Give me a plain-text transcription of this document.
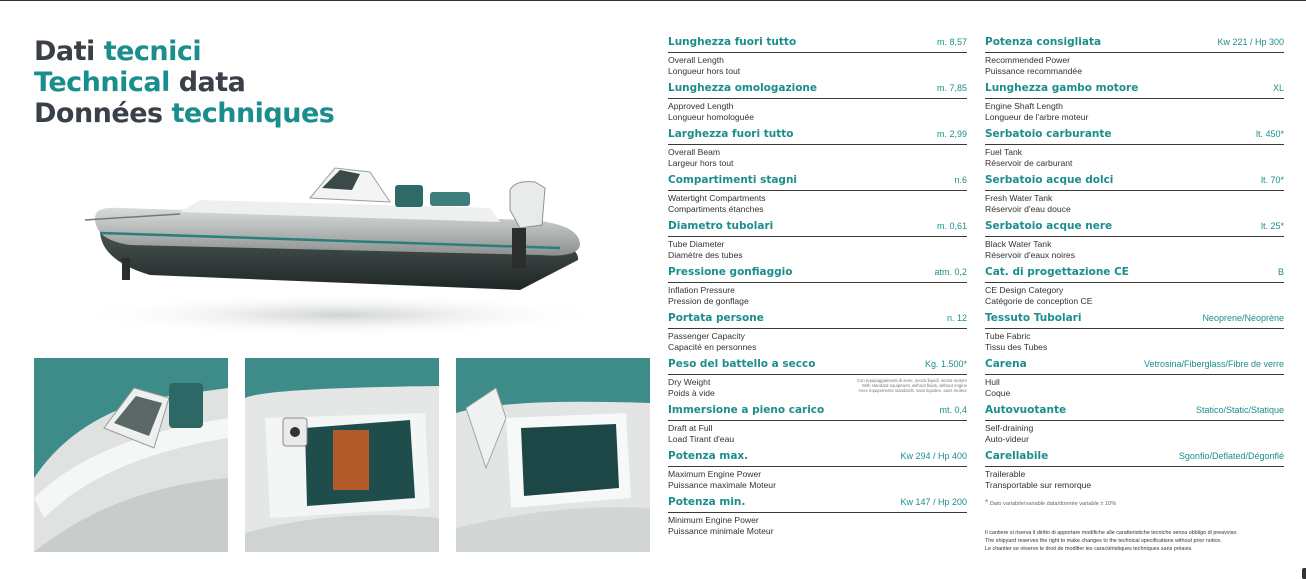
Dati tecnici
Technical data
Données techniques
Lunghezza fuori tutto	m. 8,57
Overall Length
Longueur hors tout
Lunghezza omologazione	m. 7,85
Approved Length
Longueur homologuée
Larghezza fuori tutto	m. 2,99
Overall Beam
Largeur hors tout
Compartimenti stagni	n.6
Watertight Compartments
Compartiments étanches
Diametro tubolari	m. 0,61
Tube Diameter
Diamètre des tubes
Pressione gonfiaggio	atm. 0,2
Inflation Pressure
Pression de gonflage
Portata persone	n. 12
Passenger Capacity
Capacité en personnes
Peso del battello a secco	Kg. 1.500*
Dry Weight
Poids à vide
Con equipaggiamenti di serie, senza liquidi, senza motore
With standard equipment, without fluids, without engine
Avec équipements standards, sans liquides, sans moteur
Immersione a pieno carico	mt. 0,4
Draft at Full
Load Tirant d'eau
Potenza max.	Kw 294 / Hp 400
Maximum Engine Power
Puissance maximale Moteur
Potenza min.	Kw 147 / Hp 200
Minimum Engine Power
Puissance minimale Moteur
Potenza consigliata	Kw 221 / Hp 300
Recommended Power
Puissance recommandée
Lunghezza gambo motore	XL
Engine Shaft Length
Longueur de l'arbre moteur
Serbatoio carburante	lt. 450*
Fuel Tank
Réservoir de carburant
Serbatoio acque dolci	lt. 70*
Fresh Water Tank
Réservoir d'eau douce
Serbatoio acque nere	lt. 25*
Black Water Tank
Réservoir d'eaux noires
Cat. di progettazione CE	B
CE Design Category
Catégorie de conception CE
Tessuto Tubolari	Neoprene/Néoprène
Tube Fabric
Tissu des Tubes
Carena	Vetrosina/Fiberglass/Fibre de verre
Hull
Coque
Autovuotante	Statico/Static/Statique
Self-draining
Auto-videur
Carellabile	Sgonfio/Deflated/Dégonflé
Trailerable
Transportable sur remorque
* Dato variabile/variable data/donnée variable ± 10%
Il cantiere si riserva il diritto di apportare modifiche alle caratteristiche tecniche senza obbligo di preavviso.
The shipyard reserves the right to make changes to the technical specifications without prior notice.
Le chantier se réserve le droit de modifier les caractéristiques techniques sans préavis.
